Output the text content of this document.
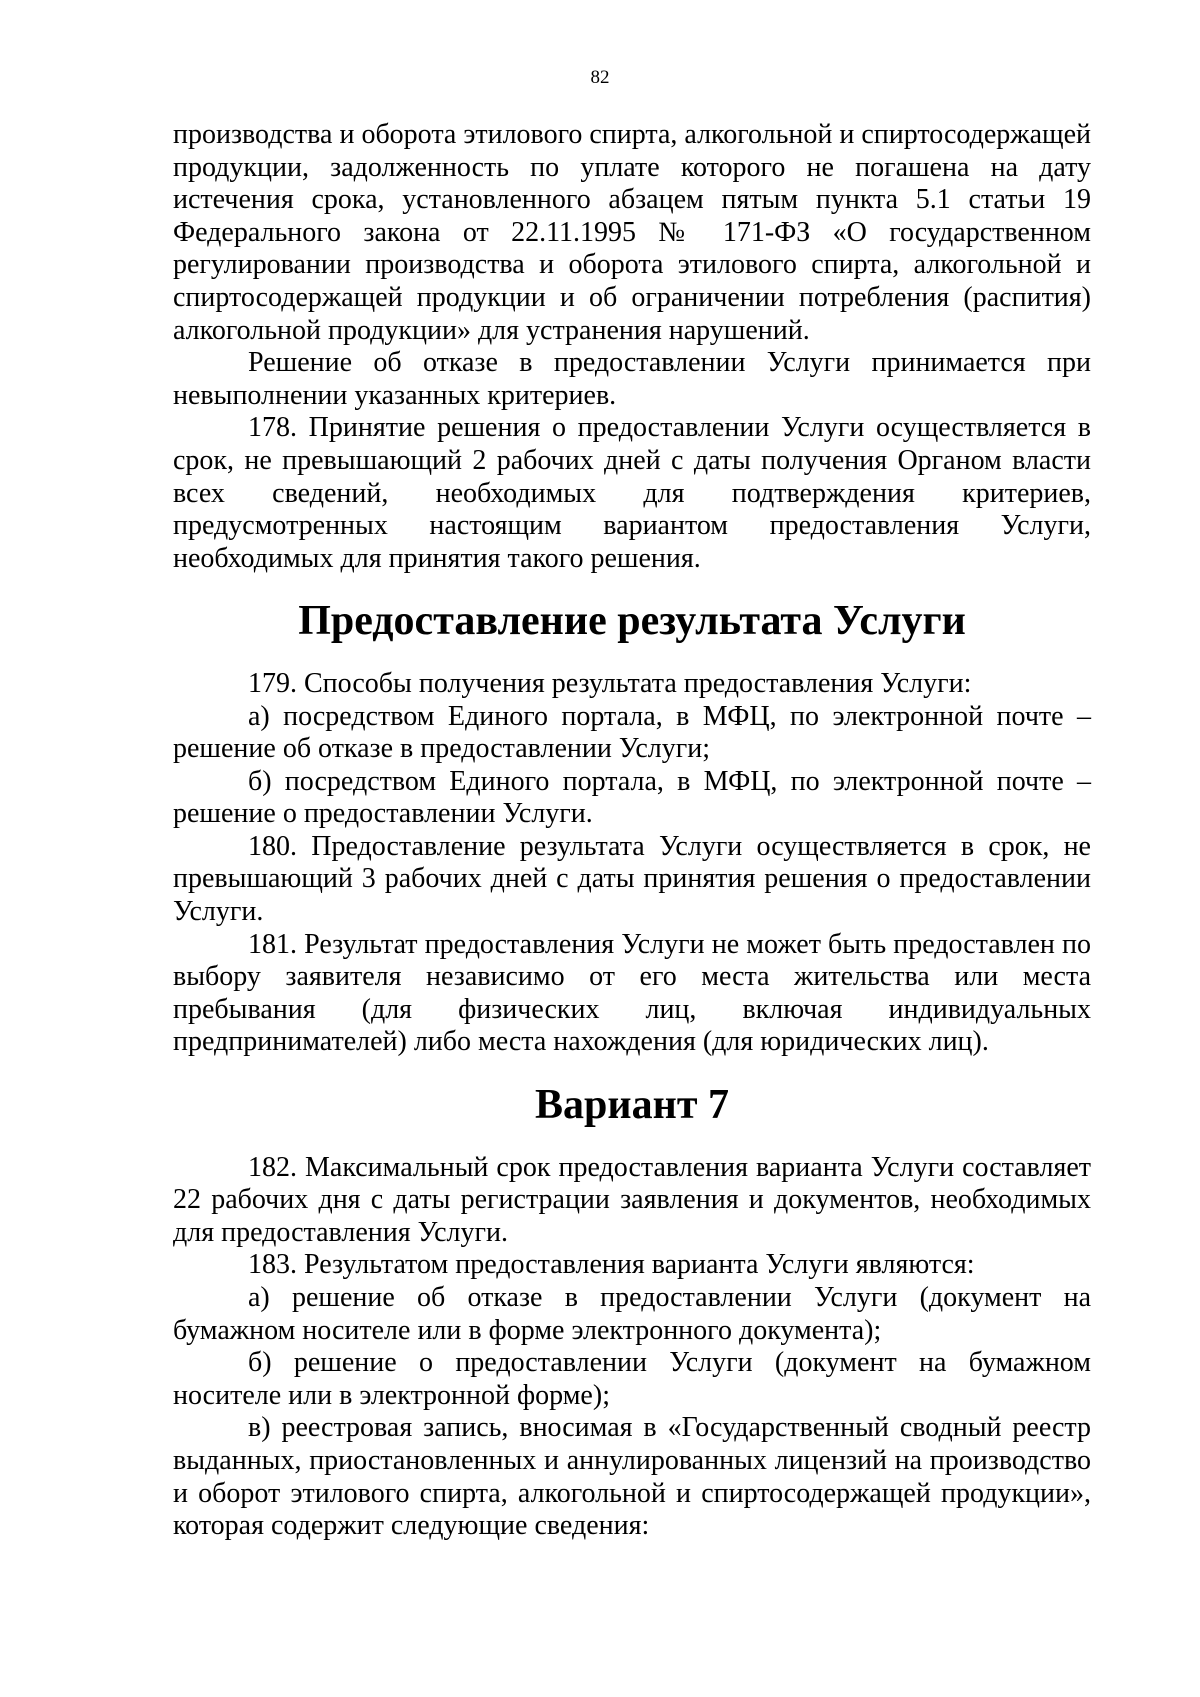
82

производства и оборота этилового спирта, алкогольной и спиртосодержащей продукции, задолженность по уплате которого не погашена на дату истечения срока, установленного абзацем пятым пункта 5.1 статьи 19 Федерального закона от 22.11.1995 № 171-ФЗ «О государственном регулировании производства и оборота этилового спирта, алкогольной и спиртосодержащей продукции и об ограничении потребления (распития) алкогольной продукции» для устранения нарушений.

Решение об отказе в предоставлении Услуги принимается при невыполнении указанных критериев.

178. Принятие решения о предоставлении Услуги осуществляется в срок, не превышающий 2 рабочих дней с даты получения Органом власти всех сведений, необходимых для подтверждения критериев, предусмотренных настоящим вариантом предоставления Услуги, необходимых для принятия такого решения.

Предоставление результата Услуги

179. Способы получения результата предоставления Услуги:

а) посредством Единого портала, в МФЦ, по электронной почте – решение об отказе в предоставлении Услуги;

б) посредством Единого портала, в МФЦ, по электронной почте – решение о предоставлении Услуги.

180. Предоставление результата Услуги осуществляется в срок, не превышающий 3 рабочих дней с даты принятия решения о предоставлении Услуги.

181. Результат предоставления Услуги не может быть предоставлен по выбору заявителя независимо от его места жительства или места пребывания (для физических лиц, включая индивидуальных предпринимателей) либо места нахождения (для юридических лиц).

Вариант 7

182. Максимальный срок предоставления варианта Услуги составляет 22 рабочих дня с даты регистрации заявления и документов, необходимых для предоставления Услуги.

183. Результатом предоставления варианта Услуги являются:

а) решение об отказе в предоставлении Услуги (документ на бумажном носителе или в форме электронного документа);

б) решение о предоставлении Услуги (документ на бумажном носителе или в электронной форме);

в) реестровая запись, вносимая в «Государственный сводный реестр выданных, приостановленных и аннулированных лицензий на производство и оборот этилового спирта, алкогольной и спиртосодержащей продукции», которая содержит следующие сведения:
